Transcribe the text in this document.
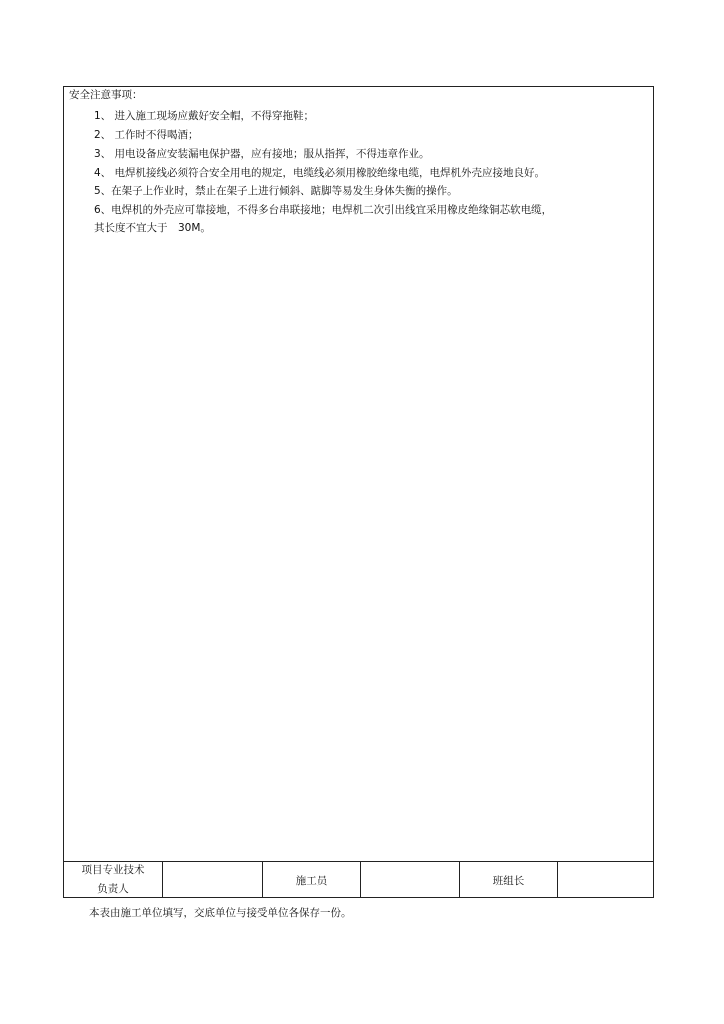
安全注意事项：
1、 进入施工现场应戴好安全帽，不得穿拖鞋；
2、 工作时不得喝酒；
3、 用电设备应安装漏电保护器，应有接地；服从指挥，不得违章作业。
4、 电焊机接线必须符合安全用电的规定，电缆线必须用橡胶绝缘电缆，电焊机外壳应接地良好。
5、在架子上作业时，禁止在架子上进行倾斜、踮脚等易发生身体失衡的操作。
6、电焊机的外壳应可靠接地，不得多台串联接地；电焊机二次引出线宜采用橡皮绝缘铜芯软电缆，
其长度不宜大于　30M。
项目专业技术
负责人
施工员	班组长
本表由施工单位填写，交底单位与接受单位各保存一份。
